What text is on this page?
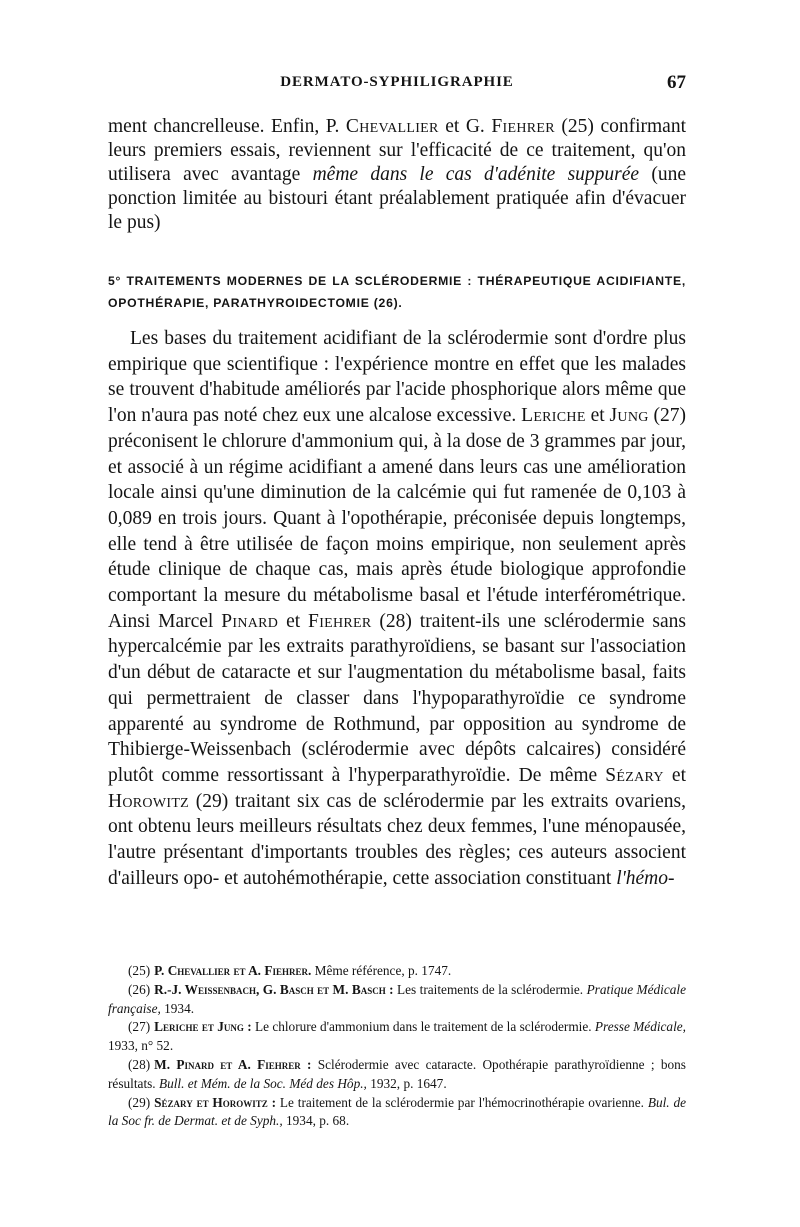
DERMATO-SYPHILIGRAPHIE	67

ment chancrelleuse. Enfin, P. Chevallier et G. Fiehrer (25) confirmant leurs premiers essais, reviennent sur l'efficacité de ce traitement, qu'on utilisera avec avantage même dans le cas d'adénite suppurée (une ponction limitée au bistouri étant préalablement pratiquée afin d'évacuer le pus)

5° TRAITEMENTS MODERNES DE LA SCLÉRODERMIE : THÉRAPEUTIQUE ACIDIFIANTE, OPOTHÉRAPIE, PARATHYROIDECTOMIE (26).

Les bases du traitement acidifiant de la sclérodermie sont d'ordre plus empirique que scientifique : l'expérience montre en effet que les malades se trouvent d'habitude améliorés par l'acide phosphorique alors même que l'on n'aura pas noté chez eux une alcalose excessive. Leriche et Jung (27) préconisent le chlorure d'ammonium qui, à la dose de 3 grammes par jour, et associé à un régime acidifiant a amené dans leurs cas une amélioration locale ainsi qu'une diminution de la calcémie qui fut ramenée de 0,103 à 0,089 en trois jours. Quant à l'opothérapie, préconisée depuis longtemps, elle tend à être utilisée de façon moins empirique, non seulement après étude clinique de chaque cas, mais après étude biologique approfondie comportant la mesure du métabolisme basal et l'étude interférométrique. Ainsi Marcel Pinard et Fiehrer (28) traitent-ils une sclérodermie sans hypercalcémie par les extraits parathyroïdiens, se basant sur l'association d'un début de cataracte et sur l'augmentation du métabolisme basal, faits qui permettraient de classer dans l'hypoparathyroïdie ce syndrome apparenté au syndrome de Rothmund, par opposition au syndrome de Thibierge-Weissenbach (sclérodermie avec dépôts calcaires) considéré plutôt comme ressortissant à l'hyperparathyroïdie. De même Sézary et Horowitz (29) traitant six cas de sclérodermie par les extraits ovariens, ont obtenu leurs meilleurs résultats chez deux femmes, l'une ménopausée, l'autre présentant d'importants troubles des règles; ces auteurs associent d'ailleurs opo- et autohémothérapie, cette association constituant l'hémo-

(25) P. Chevallier et A. Fiehrer. Même référence, p. 1747.

(26) R.-J. Weissenbach, G. Basch et M. Basch : Les traitements de la sclérodermie. Pratique Médicale française, 1934.

(27) Leriche et Jung : Le chlorure d'ammonium dans le traitement de la sclérodermie. Presse Médicale, 1933, n° 52.

(28) M. Pinard et A. Fiehrer : Sclérodermie avec cataracte. Opothérapie parathyroïdienne ; bons résultats. Bull. et Mém. de la Soc. Méd des Hôp., 1932, p. 1647.

(29) Sézary et Horowitz : Le traitement de la sclérodermie par l'hémocrinothérapie ovarienne. Bul. de la Soc fr. de Dermat. et de Syph., 1934, p. 68.
